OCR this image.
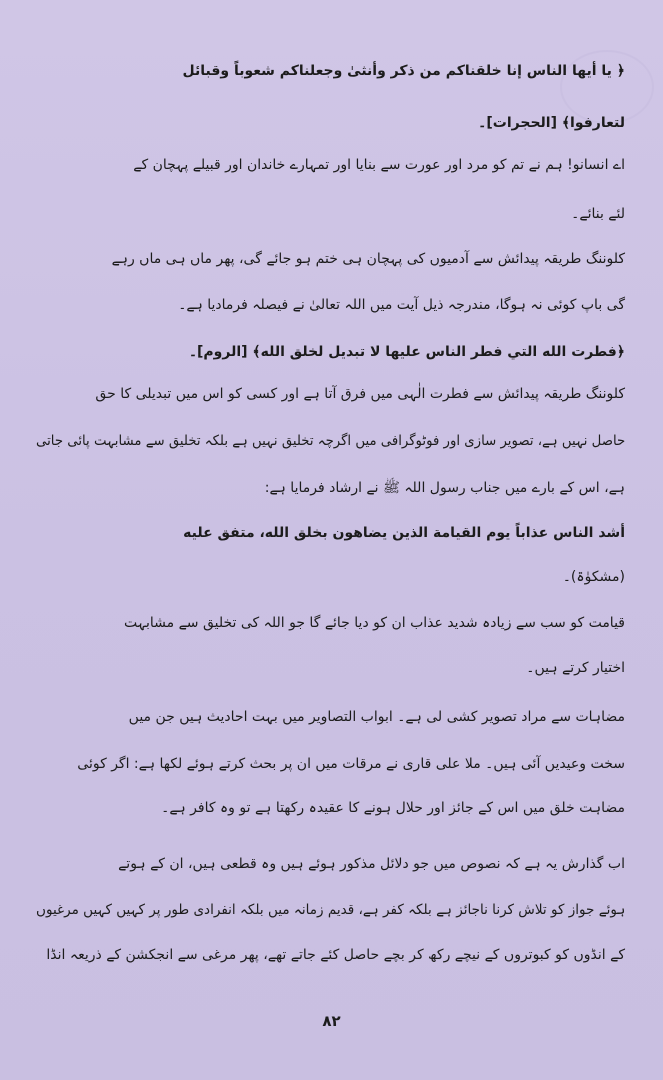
﴿ يا أيها الناس إنا خلقناكم من ذكر وأنثىٰ وجعلناكم شعوباً وقبائل
لتعارفوا﴾ [الحجرات]۔
اے انسانو! ہم نے تم کو مرد اور عورت سے بنایا اور تمہارے خاندان اور قبیلے پہچان کے
لئے بنائے۔
کلوننگ طریقہ پیدائش سے آدمیوں کی پہچان ہی ختم ہو جائے گی، پھر ماں ہی ماں رہے
گی باپ کوئی نہ ہوگا، مندرجہ ذیل آیت میں اللہ تعالیٰ نے فیصلہ فرمادیا ہے۔
﴿فطرت الله التي فطر الناس عليها لا تبديل لخلق الله﴾ [الروم]۔
کلوننگ طریقہ پیدائش سے فطرت الٰہی میں فرق آتا ہے اور کسی کو اس میں تبدیلی کا حق
حاصل نہیں ہے، تصویر سازی اور فوٹوگرافی میں اگرچہ تخلیق نہیں ہے بلکہ تخلیق سے مشابہت پائی جاتی
ہے، اس کے بارے میں جناب رسول اللہ ﷺ نے ارشاد فرمایا ہے:
أشد الناس عذاباً يوم القيامة الذين يضاهون بخلق الله، متفق عليه
(مشکوٰۃ)۔
قیامت کو سب سے زیادہ شدید عذاب ان کو دیا جائے گا جو اللہ کی تخلیق سے مشابہت
اختیار کرتے ہیں۔
مضاہات سے مراد تصویر کشی لی ہے۔ ابواب التصاویر میں بہت احادیث ہیں جن میں
سخت وعیدیں آئی ہیں۔ ملا علی قاری نے مرقات میں ان پر بحث کرتے ہوئے لکھا ہے: اگر کوئی
مضاہت خلق میں اس کے جائز اور حلال ہونے کا عقیدہ رکھتا ہے تو وہ کافر ہے۔
اب گذارش یہ ہے کہ نصوص میں جو دلائل مذکور ہوئے ہیں وہ قطعی ہیں، ان کے ہوتے
ہوئے جواز کو تلاش کرنا ناجائز ہے بلکہ کفر ہے، قدیم زمانہ میں بلکہ انفرادی طور پر کہیں کہیں مرغیوں
کے انڈوں کو کبوتروں کے نیچے رکھ کر بچے حاصل کئے جاتے تھے، پھر مرغی سے انجکشن کے ذریعہ انڈا
٨٢
